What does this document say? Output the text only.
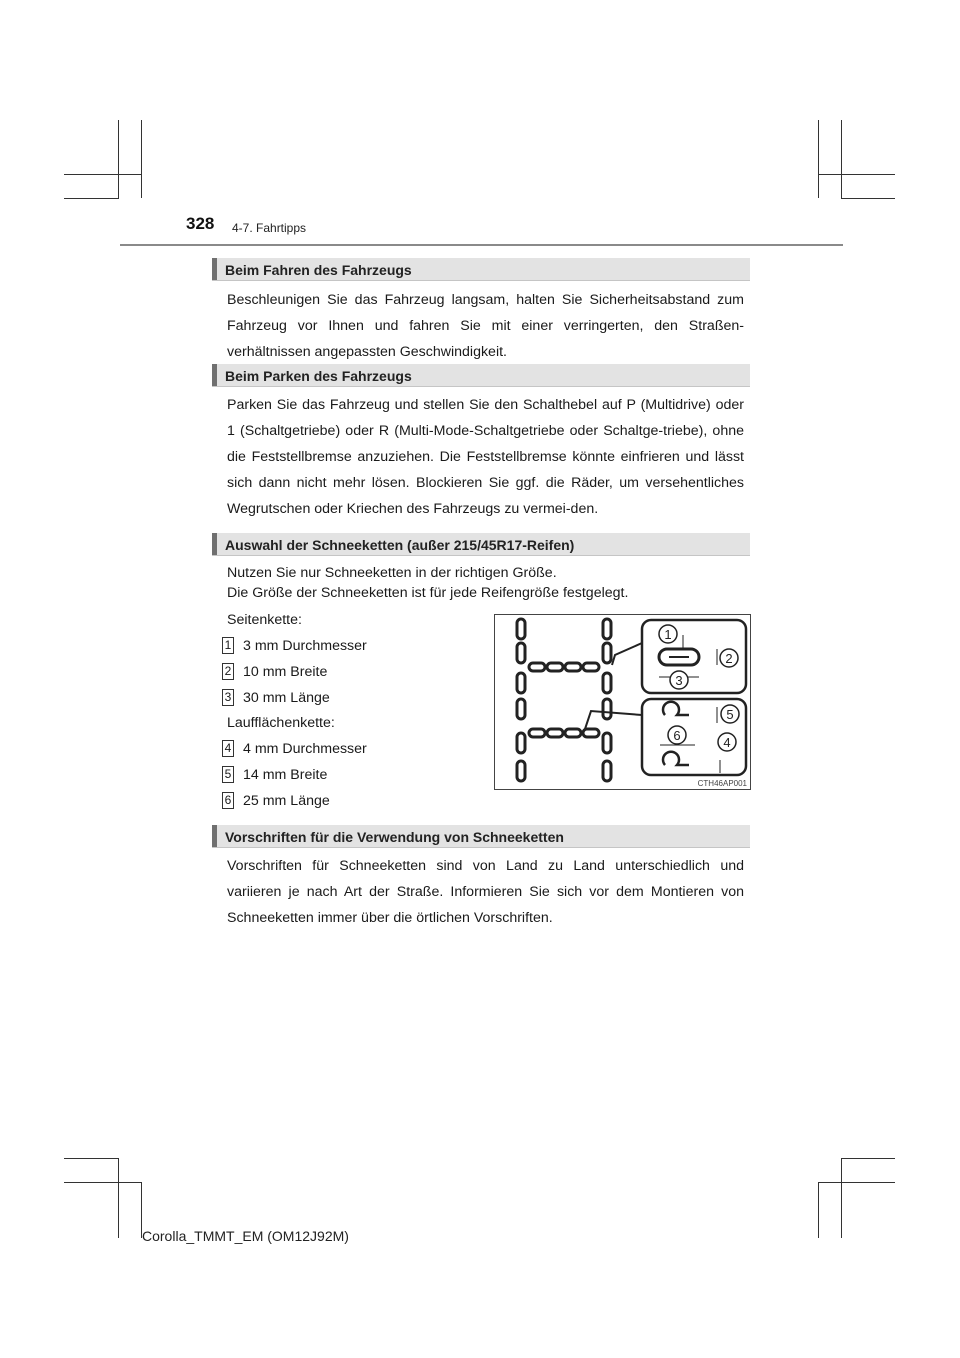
328 4-7. Fahrtipps
Beim Fahren des Fahrzeugs

Beschleunigen Sie das Fahrzeug langsam, halten Sie Sicherheitsabstand zum Fahrzeug vor Ihnen und fahren Sie mit einer verringerten, den Straßen-verhältnissen angepassten Geschwindigkeit.

Beim Parken des Fahrzeugs

Parken Sie das Fahrzeug und stellen Sie den Schalthebel auf P (Multidrive) oder 1 (Schaltgetriebe) oder R (Multi-Mode-Schaltgetriebe oder Schaltge-triebe), ohne die Feststellbremse anzuziehen. Die Feststellbremse könnte einfrieren und lässt sich dann nicht mehr lösen. Blockieren Sie ggf. die Räder, um versehentliches Wegrutschen oder Kriechen des Fahrzeugs zu vermei-den.

Auswahl der Schneeketten (außer 215/45R17-Reifen)
Nutzen Sie nur Schneeketten in der richtigen Größe.
Die Größe der Schneeketten ist für jede Reifengröße festgelegt.
Seitenkette:
1 3 mm Durchmesser
2 10 mm Breite
3 30 mm Länge
Laufflächenkette:
4 4 mm Durchmesser
5 14 mm Breite
6 25 mm Länge
1
2
3
5
6	4
CTH46AP001
Vorschriften für die Verwendung von Schneeketten

Vorschriften für Schneeketten sind von Land zu Land unterschiedlich und variieren je nach Art der Straße. Informieren Sie sich vor dem Montieren von Schneeketten immer über die örtlichen Vorschriften.

Corolla_TMMT_EM (OM12J92M)
